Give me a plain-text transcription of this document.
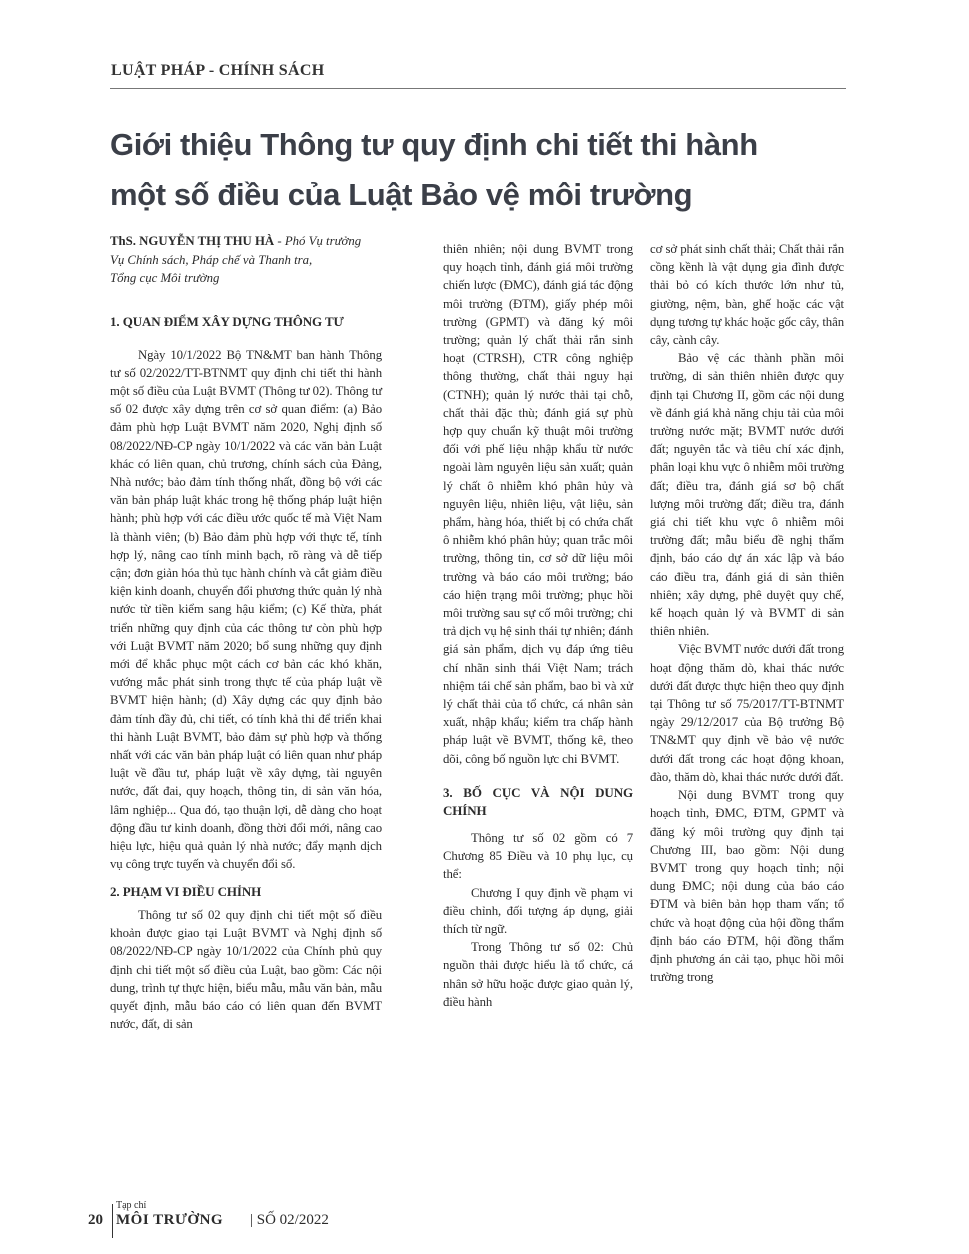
LUẬT PHÁP - CHÍNH SÁCH
Giới thiệu Thông tư quy định chi tiết thi hành
một số điều của Luật Bảo vệ môi trường
ThS. NGUYỄN THỊ THU HÀ - Phó Vụ trưởng
Vụ Chính sách, Pháp chế và Thanh tra,
Tổng cục Môi trường
1. QUAN ĐIỂM XÂY DỰNG THÔNG TƯ

Ngày 10/1/2022 Bộ TN&MT ban hành Thông tư số 02/2022/TT-BTNMT quy định chi tiết thi hành một số điều của Luật BVMT (Thông tư 02). Thông tư số 02 được xây dựng trên cơ sở quan điểm: (a) Bảo đảm phù hợp Luật BVMT năm 2020, Nghị định số 08/2022/NĐ-CP ngày 10/1/2022 và các văn bản Luật khác có liên quan, chủ trương, chính sách của Đảng, Nhà nước; bảo đảm tính thống nhất, đồng bộ với các văn bản pháp luật khác trong hệ thống pháp luật hiện hành; phù hợp với các điều ước quốc tế mà Việt Nam là thành viên; (b) Bảo đảm phù hợp với thực tế, tính hợp lý, nâng cao tính minh bạch, rõ ràng và dễ tiếp cận; đơn giản hóa thủ tục hành chính và cắt giảm điều kiện kinh doanh, chuyển đổi phương thức quản lý nhà nước từ tiền kiểm sang hậu kiểm; (c) Kế thừa, phát triển những quy định của các thông tư còn phù hợp với Luật BVMT năm 2020; bổ sung những quy định mới để khắc phục một cách cơ bản các khó khăn, vướng mắc phát sinh trong thực tế của pháp luật về BVMT hiện hành; (d) Xây dựng các quy định bảo đảm tính đầy đủ, chi tiết, có tính khả thi để triển khai thi hành Luật BVMT, bảo đảm sự phù hợp và thống nhất với các văn bản pháp luật có liên quan như pháp luật về đầu tư, pháp luật về xây dựng, tài nguyên nước, đất đai, quy hoạch, thông tin, di sản văn hóa, lâm nghiệp... Qua đó, tạo thuận lợi, dễ dàng cho hoạt động đầu tư kinh doanh, đồng thời đổi mới, nâng cao hiệu lực, hiệu quả quản lý nhà nước; đẩy mạnh dịch vụ công trực tuyến và chuyển đổi số.

2. PHẠM VI ĐIỀU CHỈNH

Thông tư số 02 quy định chi tiết một số điều khoản được giao tại Luật BVMT và Nghị định số 08/2022/NĐ-CP ngày 10/1/2022 của Chính phủ quy định chi tiết một số điều của Luật, bao gồm: Các nội dung, trình tự thực hiện, biểu mẫu, mẫu văn bản, mẫu quyết định, mẫu báo cáo có liên quan đến BVMT nước, đất, di sản

thiên nhiên; nội dung BVMT trong quy hoạch tỉnh, đánh giá môi trường chiến lược (ĐMC), đánh giá tác động môi trường (ĐTM), giấy phép môi trường (GPMT) và đăng ký môi trường; quản lý chất thải rắn sinh hoạt (CTRSH), CTR công nghiệp thông thường, chất thải nguy hại (CTNH); quản lý nước thải tại chỗ, chất thải đặc thù; đánh giá sự phù hợp quy chuẩn kỹ thuật môi trường đối với phế liệu nhập khẩu từ nước ngoài làm nguyên liệu sản xuất; quản lý chất ô nhiễm khó phân hủy và nguyên liệu, nhiên liệu, vật liệu, sản phẩm, hàng hóa, thiết bị có chứa chất ô nhiễm khó phân hủy; quan trắc môi trường, thông tin, cơ sở dữ liệu môi trường và báo cáo môi trường; báo cáo hiện trạng môi trường; phục hồi môi trường sau sự cố môi trường; chi trả dịch vụ hệ sinh thái tự nhiên; đánh giá sản phẩm, dịch vụ đáp ứng tiêu chí nhãn sinh thái Việt Nam; trách nhiệm tái chế sản phẩm, bao bì và xử lý chất thải của tổ chức, cá nhân sản xuất, nhập khẩu; kiểm tra chấp hành pháp luật về BVMT, thống kê, theo dõi, công bố nguồn lực chi BVMT.

3. BỐ CỤC VÀ NỘI DUNG CHÍNH

Thông tư số 02 gồm có 7 Chương 85 Điều và 10 phụ lục, cụ thể:

Chương I quy định về phạm vi điều chỉnh, đối tượng áp dụng, giải thích từ ngữ.

Trong Thông tư số 02: Chủ nguồn thải được hiểu là tổ chức, cá nhân sở hữu hoặc được giao quản lý, điều hành

cơ sở phát sinh chất thải; Chất thải rắn cồng kềnh là vật dụng gia đình được thải bỏ có kích thước lớn như tủ, giường, nệm, bàn, ghế hoặc các vật dụng tương tự khác hoặc gốc cây, thân cây, cành cây.

Bảo vệ các thành phần môi trường, di sản thiên nhiên được quy định tại Chương II, gồm các nội dung về đánh giá khả năng chịu tải của môi trường nước mặt; BVMT nước dưới đất; nguyên tắc và tiêu chí xác định, phân loại khu vực ô nhiễm môi trường đất; điều tra, đánh giá sơ bộ chất lượng môi trường đất; điều tra, đánh giá chi tiết khu vực ô nhiễm môi trường đất; mẫu biểu đề nghị thẩm định, báo cáo dự án xác lập và báo cáo điều tra, đánh giá di sản thiên nhiên; xây dựng, phê duyệt quy chế, kế hoạch quản lý và BVMT di sản thiên nhiên.

Việc BVMT nước dưới đất trong hoạt động thăm dò, khai thác nước dưới đất được thực hiện theo quy định tại Thông tư số 75/2017/TT-BTNMT ngày 29/12/2017 của Bộ trưởng Bộ TN&MT quy định về bảo vệ nước dưới đất trong các hoạt động khoan, đào, thăm dò, khai thác nước dưới đất.

Nội dung BVMT trong quy hoạch tỉnh, ĐMC, ĐTM, GPMT và đăng ký môi trường quy định tại Chương III, bao gồm: Nội dung BVMT trong quy hoạch tỉnh; nội dung ĐMC; nội dung của báo cáo ĐTM và biên bản họp tham vấn; tổ chức và hoạt động của hội đồng thẩm định báo cáo ĐTM, hội đồng thẩm định phương án cải tạo, phục hồi môi trường trong

20
Tạp chí
MÔI TRƯỜNG | SỐ 02/2022
